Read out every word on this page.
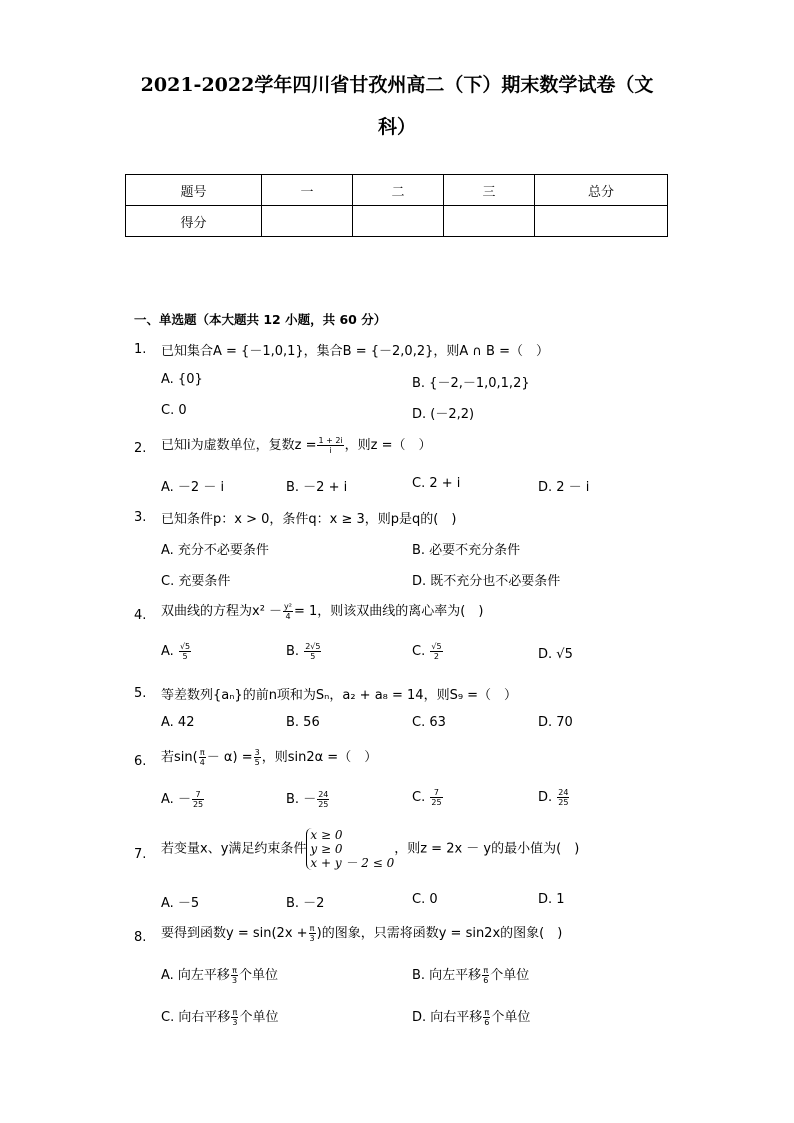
2021-2022学年四川省甘孜州高二（下）期末数学试卷（文
科）
题号	一	二	三	总分
得分				
一、单选题（本大题共 12 小题，共 60 分）
1. 已知集合A = {－1,0,1}，集合B = {－2,0,2}，则A ∩ B =（　）
A. {0}	B. {－2,－1,0,1,2}
C. 0	D. (－2,2)
2. 已知i为虚数单位，复数$z = \frac{1 + 2i}{i}$ ，则z =（　）
A. －2 － i	B. －2 + i	C. 2 + i	D. 2 － i
3. 已知条件p：x > 0，条件q：x ≥ 3，则p是q的(　)
A. 充分不必要条件	B. 必要不充分条件
C. 充要条件	D. 既不充分也不必要条件
4. 双曲线的方程为$x^2 - \frac{\text{y²}}{4} = 1$，则该双曲线的离心率为(　)
A. $\frac{√5}{5}$	B. $\frac{2√5}{5}$	C. $\frac{√5}{2}$	D. √5
5. 等差数列{aₙ}的前n项和为Sₙ，a₂ + a₈ = 14，则S₉ =（　）
A. 42	B. 56	C. 63	D. 70
6. 若$\sin( \frac{\pi}{4} - \alpha) = \frac{3}{5}$ ，则sin2α =（　）
A. － $\frac{7}{25}$	B. － $\frac{24}{25}$	C. $\frac{7}{25}$	D. $\frac{24}{25}$
7. 若变量x、y满足约束条件
x ≥ 0
y ≥ 0
x + y － 2 ≤ 0
，则z = 2x － y的最小值为(　)
A. －5	B. －2	C. 0	D. 1
8. 要得到函数$y = \sin(2x + \frac{\pi}{3}$ )的图象，只需将函数y = sin2x的图象(　)
A. 向左平移 $\frac{\pi}{3}$ 个单位	B. 向左平移 $\frac{\pi}{6}$ 个单位
C. 向右平移 $\frac{\pi}{3}$ 个单位	D. 向右平移 $\frac{\pi}{6}$ 个单位
